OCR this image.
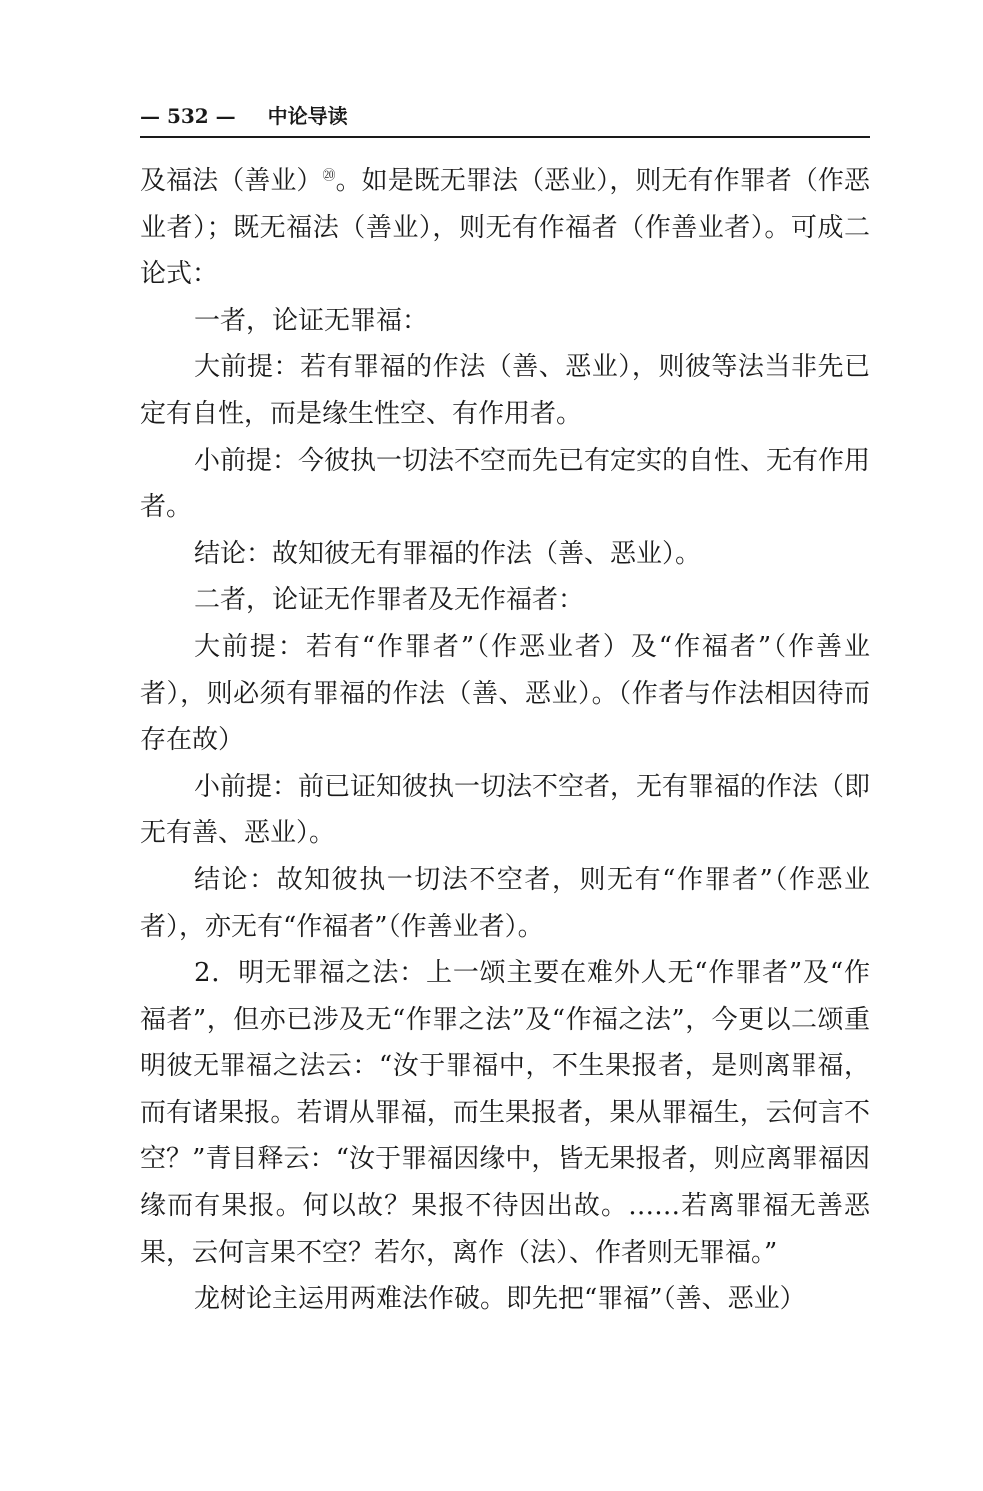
— 532 — 中论导读

及福法（善业）⑳。如是既无罪法（恶业），则无有作罪者（作恶业者）；既无福法（善业），则无有作福者（作善业者）。可成二论式：

一者，论证无罪福：

大前提：若有罪福的作法（善、恶业），则彼等法当非先已定有自性，而是缘生性空、有作用者。

小前提：今彼执一切法不空而先已有定实的自性、无有作用者。

结论：故知彼无有罪福的作法（善、恶业）。

二者，论证无作罪者及无作福者：

大前提：若有“作罪者”（作恶业者）及“作福者”（作善业者），则必须有罪福的作法（善、恶业）。（作者与作法相因待而存在故）

小前提：前已证知彼执一切法不空者，无有罪福的作法（即无有善、恶业）。

结论：故知彼执一切法不空者，则无有“作罪者”（作恶业者），亦无有“作福者”（作善业者）。

2．明无罪福之法：上一颂主要在难外人无“作罪者”及“作福者”，但亦已涉及无“作罪之法”及“作福之法”，今更以二颂重明彼无罪福之法云：“汝于罪福中，不生果报者，是则离罪福，而有诸果报。若谓从罪福，而生果报者，果从罪福生，云何言不空？”青目释云：“汝于罪福因缘中，皆无果报者，则应离罪福因缘而有果报。何以故？果报不待因出故。……若离罪福无善恶果，云何言果不空？若尔，离作（法）、作者则无罪福。”

龙树论主运用两难法作破。即先把“罪福”（善、恶业）
